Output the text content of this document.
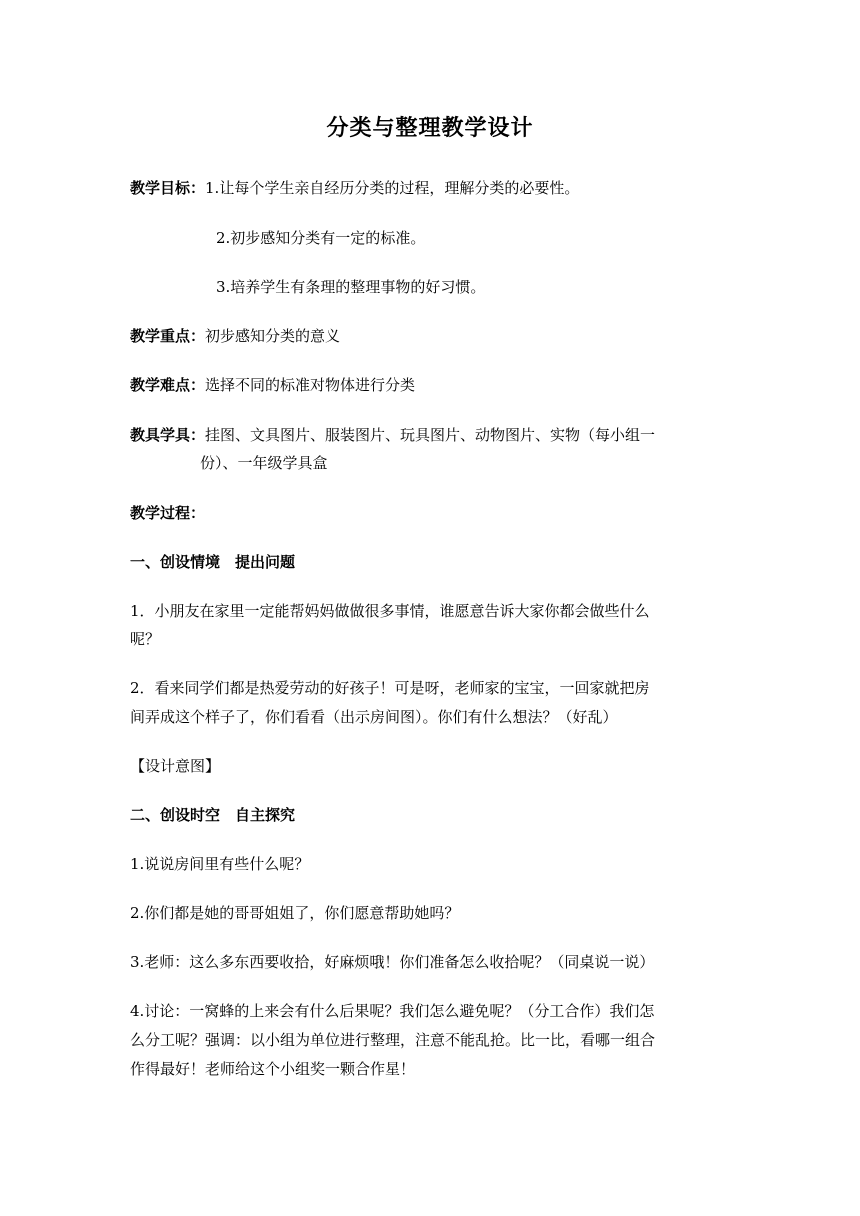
分类与整理教学设计
教学目标：1.让每个学生亲自经历分类的过程，理解分类的必要性。
2.初步感知分类有一定的标准。
3.培养学生有条理的整理事物的好习惯。
教学重点：初步感知分类的意义
教学难点：选择不同的标准对物体进行分类
教具学具：挂图、文具图片、服装图片、玩具图片、动物图片、实物（每小组一
份）、一年级学具盒
教学过程：
一、创设情境　提出问题
1．小朋友在家里一定能帮妈妈做做很多事情，谁愿意告诉大家你都会做些什么
呢？
2．看来同学们都是热爱劳动的好孩子！可是呀，老师家的宝宝，一回家就把房
间弄成这个样子了，你们看看（出示房间图）。你们有什么想法？（好乱）
【设计意图】
二、创设时空　自主探究
1.说说房间里有些什么呢？
2.你们都是她的哥哥姐姐了，你们愿意帮助她吗？
3.老师：这么多东西要收拾，好麻烦哦！你们准备怎么收拾呢？（同桌说一说）
4.讨论：一窝蜂的上来会有什么后果呢？我们怎么避免呢？（分工合作）我们怎
么分工呢？强调：以小组为单位进行整理，注意不能乱抢。比一比，看哪一组合
作得最好！老师给这个小组奖一颗合作星！
